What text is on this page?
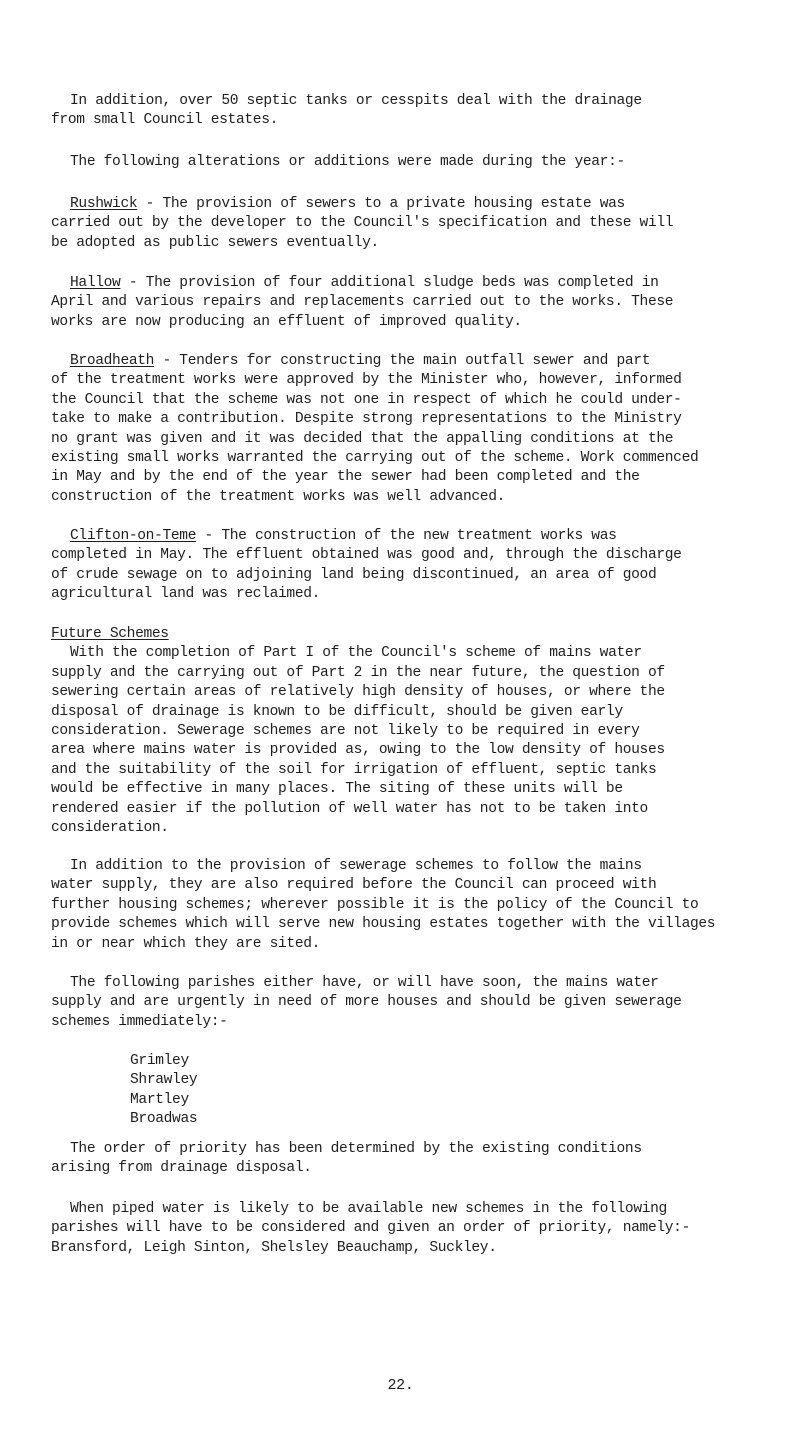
In addition, over 50 septic tanks or cesspits deal with the drainage
from small Council estates.
The following alterations or additions were made during the year:-
Rushwick - The provision of sewers to a private housing estate was
carried out by the developer to the Council's specification and these will
be adopted as public sewers eventually.
Hallow - The provision of four additional sludge beds was completed in
April and various repairs and replacements carried out to the works. These
works are now producing an effluent of improved quality.
Broadheath - Tenders for constructing the main outfall sewer and part
of the treatment works were approved by the Minister who, however, informed
the Council that the scheme was not one in respect of which he could under-
take to make a contribution. Despite strong representations to the Ministry
no grant was given and it was decided that the appalling conditions at the
existing small works warranted the carrying out of the scheme. Work commenced
in May and by the end of the year the sewer had been completed and the
construction of the treatment works was well advanced.
Clifton-on-Teme - The construction of the new treatment works was
completed in May. The effluent obtained was good and, through the discharge
of crude sewage on to adjoining land being discontinued, an area of good
agricultural land was reclaimed.
Future Schemes
With the completion of Part I of the Council's scheme of mains water
supply and the carrying out of Part 2 in the near future, the question of
sewering certain areas of relatively high density of houses, or where the
disposal of drainage is known to be difficult, should be given early
consideration. Sewerage schemes are not likely to be required in every
area where mains water is provided as, owing to the low density of houses
and the suitability of the soil for irrigation of effluent, septic tanks
would be effective in many places. The siting of these units will be
rendered easier if the pollution of well water has not to be taken into
consideration.
In addition to the provision of sewerage schemes to follow the mains
water supply, they are also required before the Council can proceed with
further housing schemes; wherever possible it is the policy of the Council to
provide schemes which will serve new housing estates together with the villages
in or near which they are sited.
The following parishes either have, or will have soon, the mains water
supply and are urgently in need of more houses and should be given sewerage
schemes immediately:-
Grimley
Shrawley
Martley
Broadwas
The order of priority has been determined by the existing conditions
arising from drainage disposal.
When piped water is likely to be available new schemes in the following
parishes will have to be considered and given an order of priority, namely:-
Bransford, Leigh Sinton, Shelsley Beauchamp, Suckley.
22.
